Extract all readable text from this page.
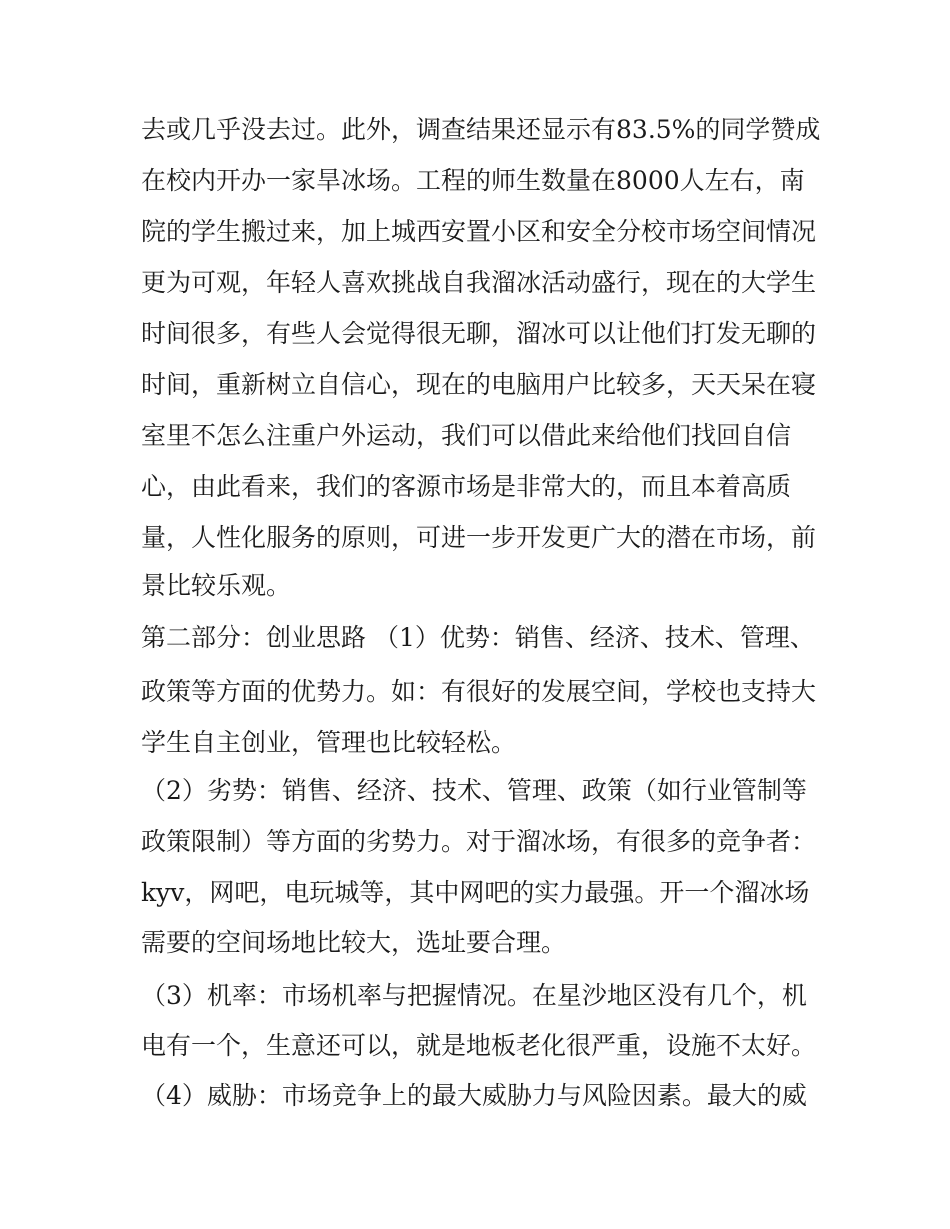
去或几乎没去过。此外，调查结果还显示有83.5%的同学赞成

在校内开办一家旱冰场。工程的师生数量在8000人左右，南

院的学生搬过来，加上城西安置小区和安全分校市场空间情况

更为可观，年轻人喜欢挑战自我溜冰活动盛行，现在的大学生

时间很多，有些人会觉得很无聊，溜冰可以让他们打发无聊的

时间，重新树立自信心，现在的电脑用户比较多，天天呆在寝

室里不怎么注重户外运动，我们可以借此来给他们找回自信

心，由此看来，我们的客源市场是非常大的，而且本着高质

量，人性化服务的原则，可进一步开发更广大的潜在市场，前

景比较乐观。

第二部分：创业思路 （1）优势：销售、经济、技术、管理、

政策等方面的优势力。如：有很好的发展空间，学校也支持大

学生自主创业，管理也比较轻松。

（2）劣势：销售、经济、技术、管理、政策（如行业管制等

政策限制）等方面的劣势力。对于溜冰场，有很多的竞争者：

kyv，网吧，电玩城等，其中网吧的实力最强。开一个溜冰场

需要的空间场地比较大，选址要合理。

（3）机率：市场机率与把握情况。在星沙地区没有几个，机

电有一个，生意还可以，就是地板老化很严重，设施不太好。

（4）威胁：市场竞争上的最大威胁力与风险因素。最大的威
